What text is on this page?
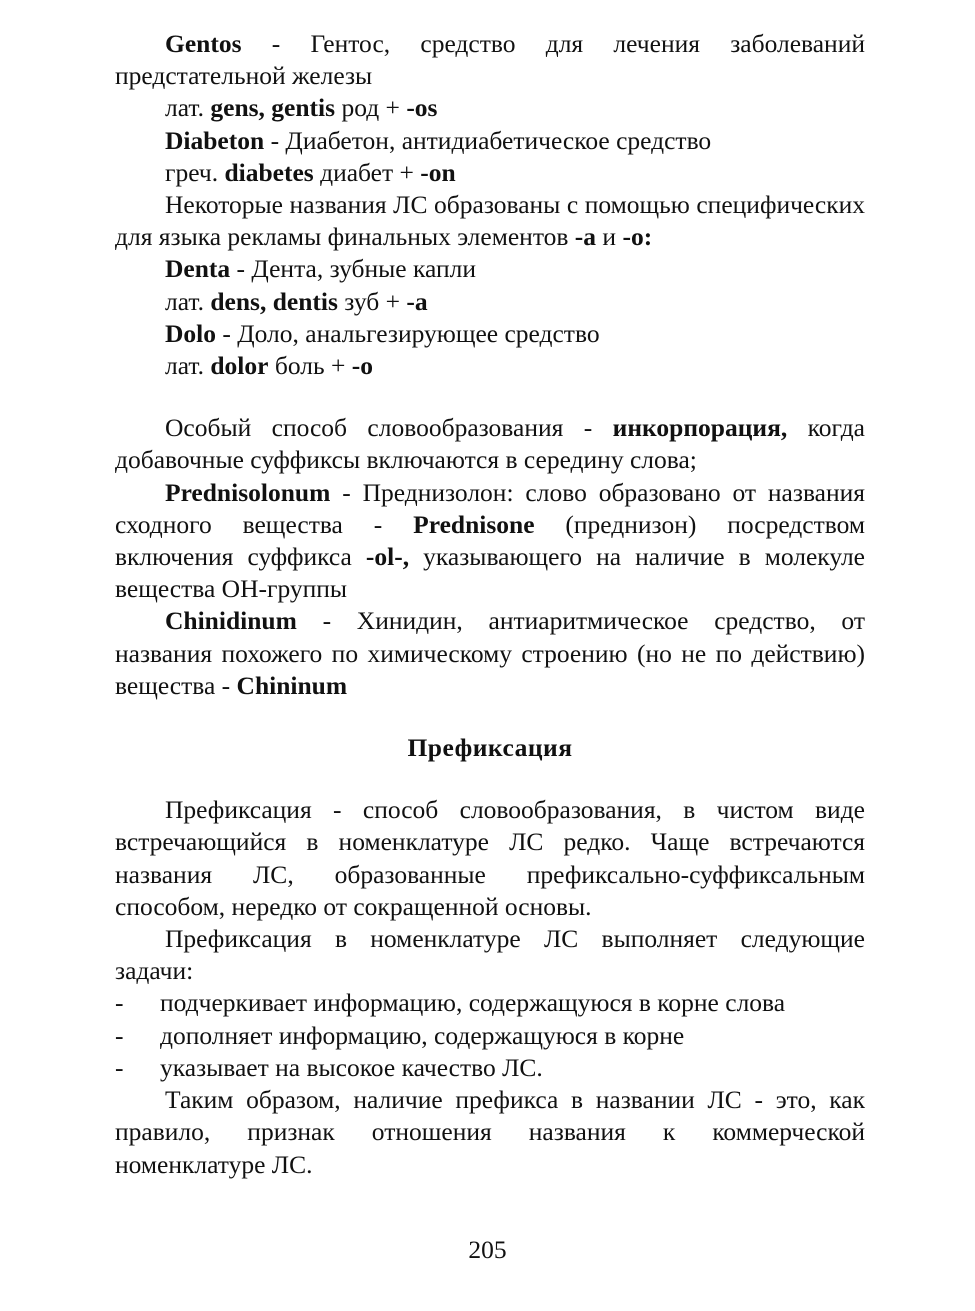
Gentos - Гентос, средство для лечения заболеваний предстательной железы

лат. gens, gentis род + -os

Diabeton - Диабетон, антидиабетическое средство

греч. diabetes диабет + -on

Некоторые названия ЛС образованы с помощью специфических для языка рекламы финальных элементов -a и -o:

Denta - Дента, зубные капли

лат. dens, dentis зуб + -a

Dolo - Доло, анальгезирующее средство

лат. dolor боль + -o

Особый способ словообразования - инкорпорация, когда добавочные суффиксы включаются в середину слова;

Prednisolonum - Преднизолон: слово образовано от названия сходного вещества - Prednisone (преднизон) посредством включения суффикса -ol-, указывающего на наличие в молекуле вещества ОН-группы

Chinidinum - Хинидин, антиаритмическое средство, от названия похожего по химическому строению (но не по действию) вещества - Chininum

Префиксация

Префиксация - способ словообразования, в чистом виде встречающийся в номенклатуре ЛС редко. Чаще встречаются названия ЛС, образованные префиксально-суффиксальным способом, нередко от сокращенной основы.

Префиксация в номенклатуре ЛС выполняет следующие задачи:

-	подчеркивает информацию, содержащуюся в корне слова
-	дополняет информацию, содержащуюся в корне
-	указывает на высокое качество ЛС.

Таким образом, наличие префикса в названии ЛС - это, как правило, признак отношения названия к коммерческой номенклатуре ЛС.

205
